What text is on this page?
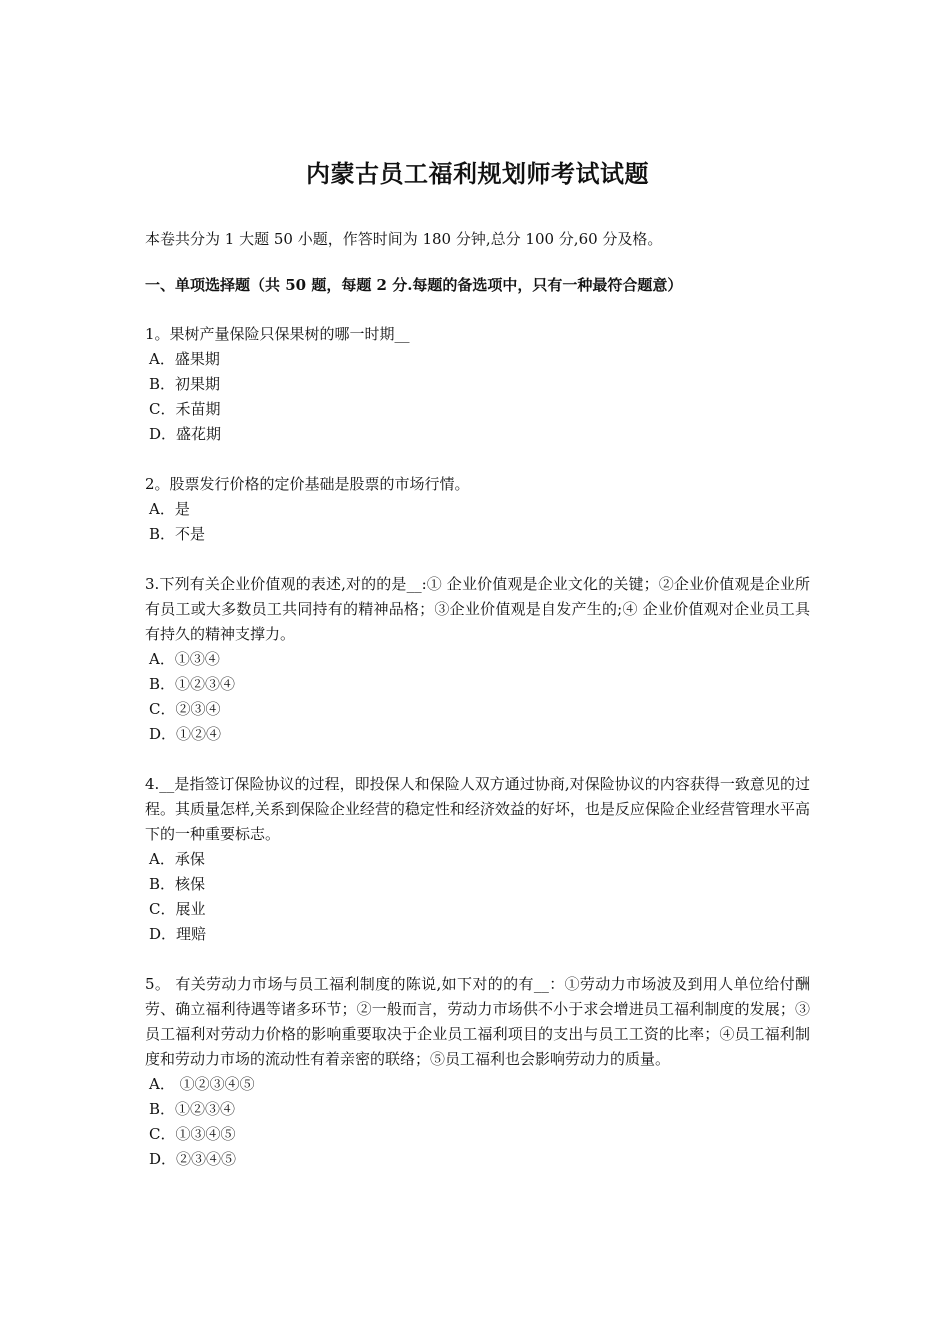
内蒙古员工福利规划师考试试题
本卷共分为 1 大题 50 小题，作答时间为 180 分钟,总分 100 分,60 分及格。
一、单项选择题（共 50 题，每题 2 分.每题的备选项中，只有一种最符合题意）
1。果树产量保险只保果树的哪一时期__
A．盛果期
B．初果期
C．禾苗期
D．盛花期
2。股票发行价格的定价基础是股票的市场行情。
A．是
B．不是
3.下列有关企业价值观的表述,对的的是__:① 企业价值观是企业文化的关键；②企业价值观是企业所有员工或大多数员工共同持有的精神品格；③企业价值观是自发产生的;④ 企业价值观对企业员工具有持久的精神支撑力。
A．①③④
B．①②③④
C．②③④
D．①②④
4.__是指签订保险协议的过程，即投保人和保险人双方通过协商,对保险协议的内容获得一致意见的过程。其质量怎样,关系到保险企业经营的稳定性和经济效益的好坏，也是反应保险企业经营管理水平高下的一种重要标志。
A．承保
B．核保
C．展业
D．理赔
5。 有关劳动力市场与员工福利制度的陈说,如下对的的有__：①劳动力市场波及到用人单位给付酬劳、确立福利待遇等诸多环节；②一般而言，劳动力市场供不小于求会增进员工福利制度的发展；③员工福利对劳动力价格的影响重要取决于企业员工福利项目的支出与员工工资的比率；④员工福利制度和劳动力市场的流动性有着亲密的联络；⑤员工福利也会影响劳动力的质量。
A． ①②③④⑤
B．①②③④
C．①③④⑤
D．②③④⑤
